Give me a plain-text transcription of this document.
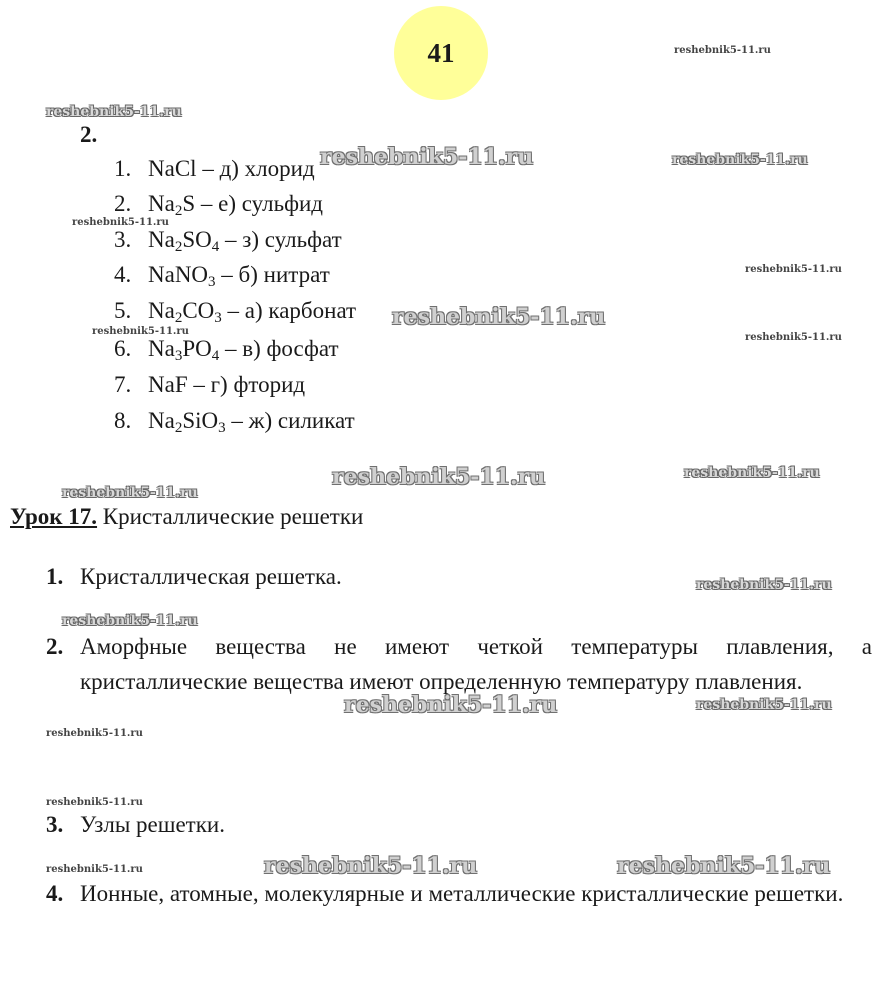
41
2.
1. NaCl – д) хлорид
2. $Na_2S - е$) сульфид
3. $Na_2SO_4 - з$) сульфат
4. NaNO$_3$ – б) нитрат
5. $Na_2CO_3 - а$) карбонат
6. $Na_3PO_4 - в$) фосфат
7. NaF – г) фторид
8. $Na_2SiO_3 - ж$) силикат
Урок 17. Кристаллические решетки
1. Кристаллическая решетка.
2. Аморфные вещества не имеют четкой температуры плавления, а кристаллические вещества имеют определенную температуру плавления.
3. Узлы решетки.
4. Ионные, атомные, молекулярные и металлические кристаллические решетки.
reshebnik5-11.ru
reshebnik5-11.ru
reshebnik5-11.ru	reshebnik5-11.ru
reshebnik5-11.ru
reshebnik5-11.ru
reshebnik5-11.ru
reshebnik5-11.ru
reshebnik5-11.ru
reshebnik5-11.ru	reshebnik5-11.ru
reshebnik5-11.ru
reshebnik5-11.ru
reshebnik5-11.ru
reshebnik5-11.ru	reshebnik5-11.ru
reshebnik5-11.ru
reshebnik5-11.ru
reshebnik5-11.ru	reshebnik5-11.ru	reshebnik5-11.ru
